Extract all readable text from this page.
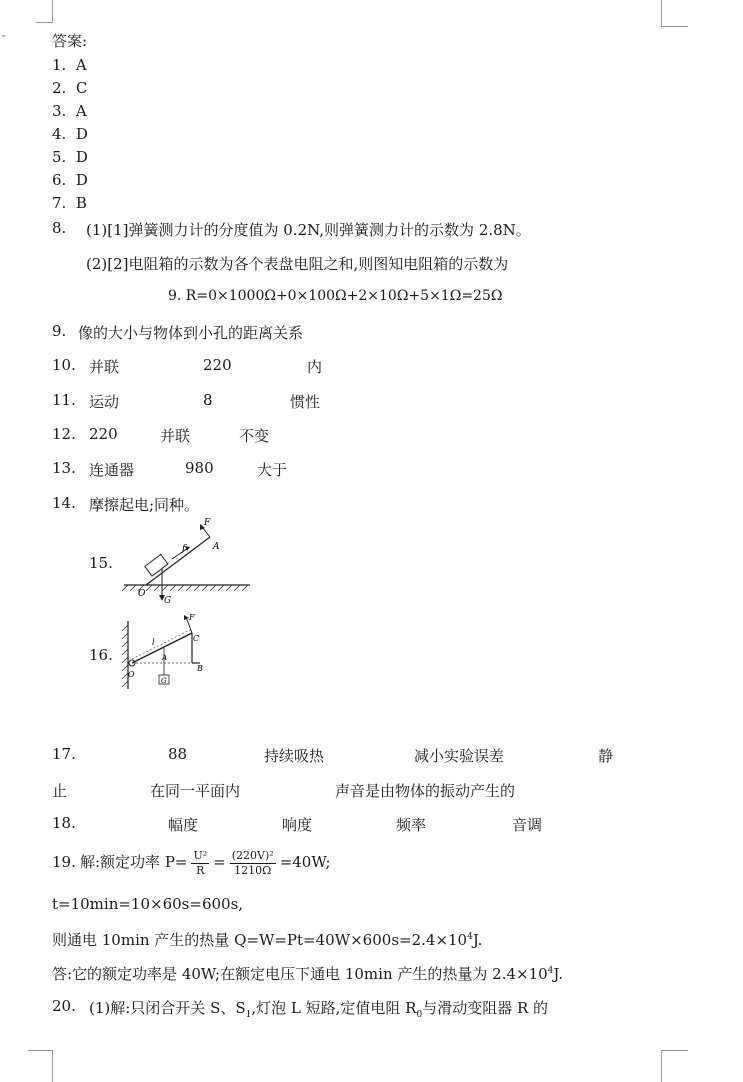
⌄	答案:
1. A
2. C
3. A
4. D
5. D
6. D
7. B
8. (1)[1]弹簧测力计的分度值为 0.2N,则弹簧测力计的示数为 2.8N。
(2)[2]电阻箱的示数为各个表盘电阻之和,则图知电阻箱的示数为
9. R=0×1000Ω+0×100Ω+2×10Ω+5×1Ω=25Ω
9. 像的大小与物体到小孔的距离关系
10. 并联	220	内
11. 运动	8	惯性
12. 220	并联	不变
13. 连通器	980	大于
14. 摩擦起电;同种。
15.
F
f	A
O
G
16.
F
l	C
A
B
O
G
17.	88	持续吸热	减小实验误差	静
止	在同一平面内	声音是由物体的振动产生的
18.	幅度	响度	频率	音调
19. 解:额定功率 $P= \frac{\text{U²}}{R} = \frac{\text{(220V)²}}{1210\Omega} =40W$;
t=10min=10×60s=600s,
则通电 10min 产生的热量 $Q=W=Pt=40W\times 600s=2.4\times 10^4J$.
答:它的额定功率是 40W;在额定电压下通电 10min 产生的热量为 $2.4\times 10^4J$.
20. (1)解:只闭合开关 S、$S_1$,灯泡 L 短路,定值电阻 $R_0$与滑动变阻器 R 的
